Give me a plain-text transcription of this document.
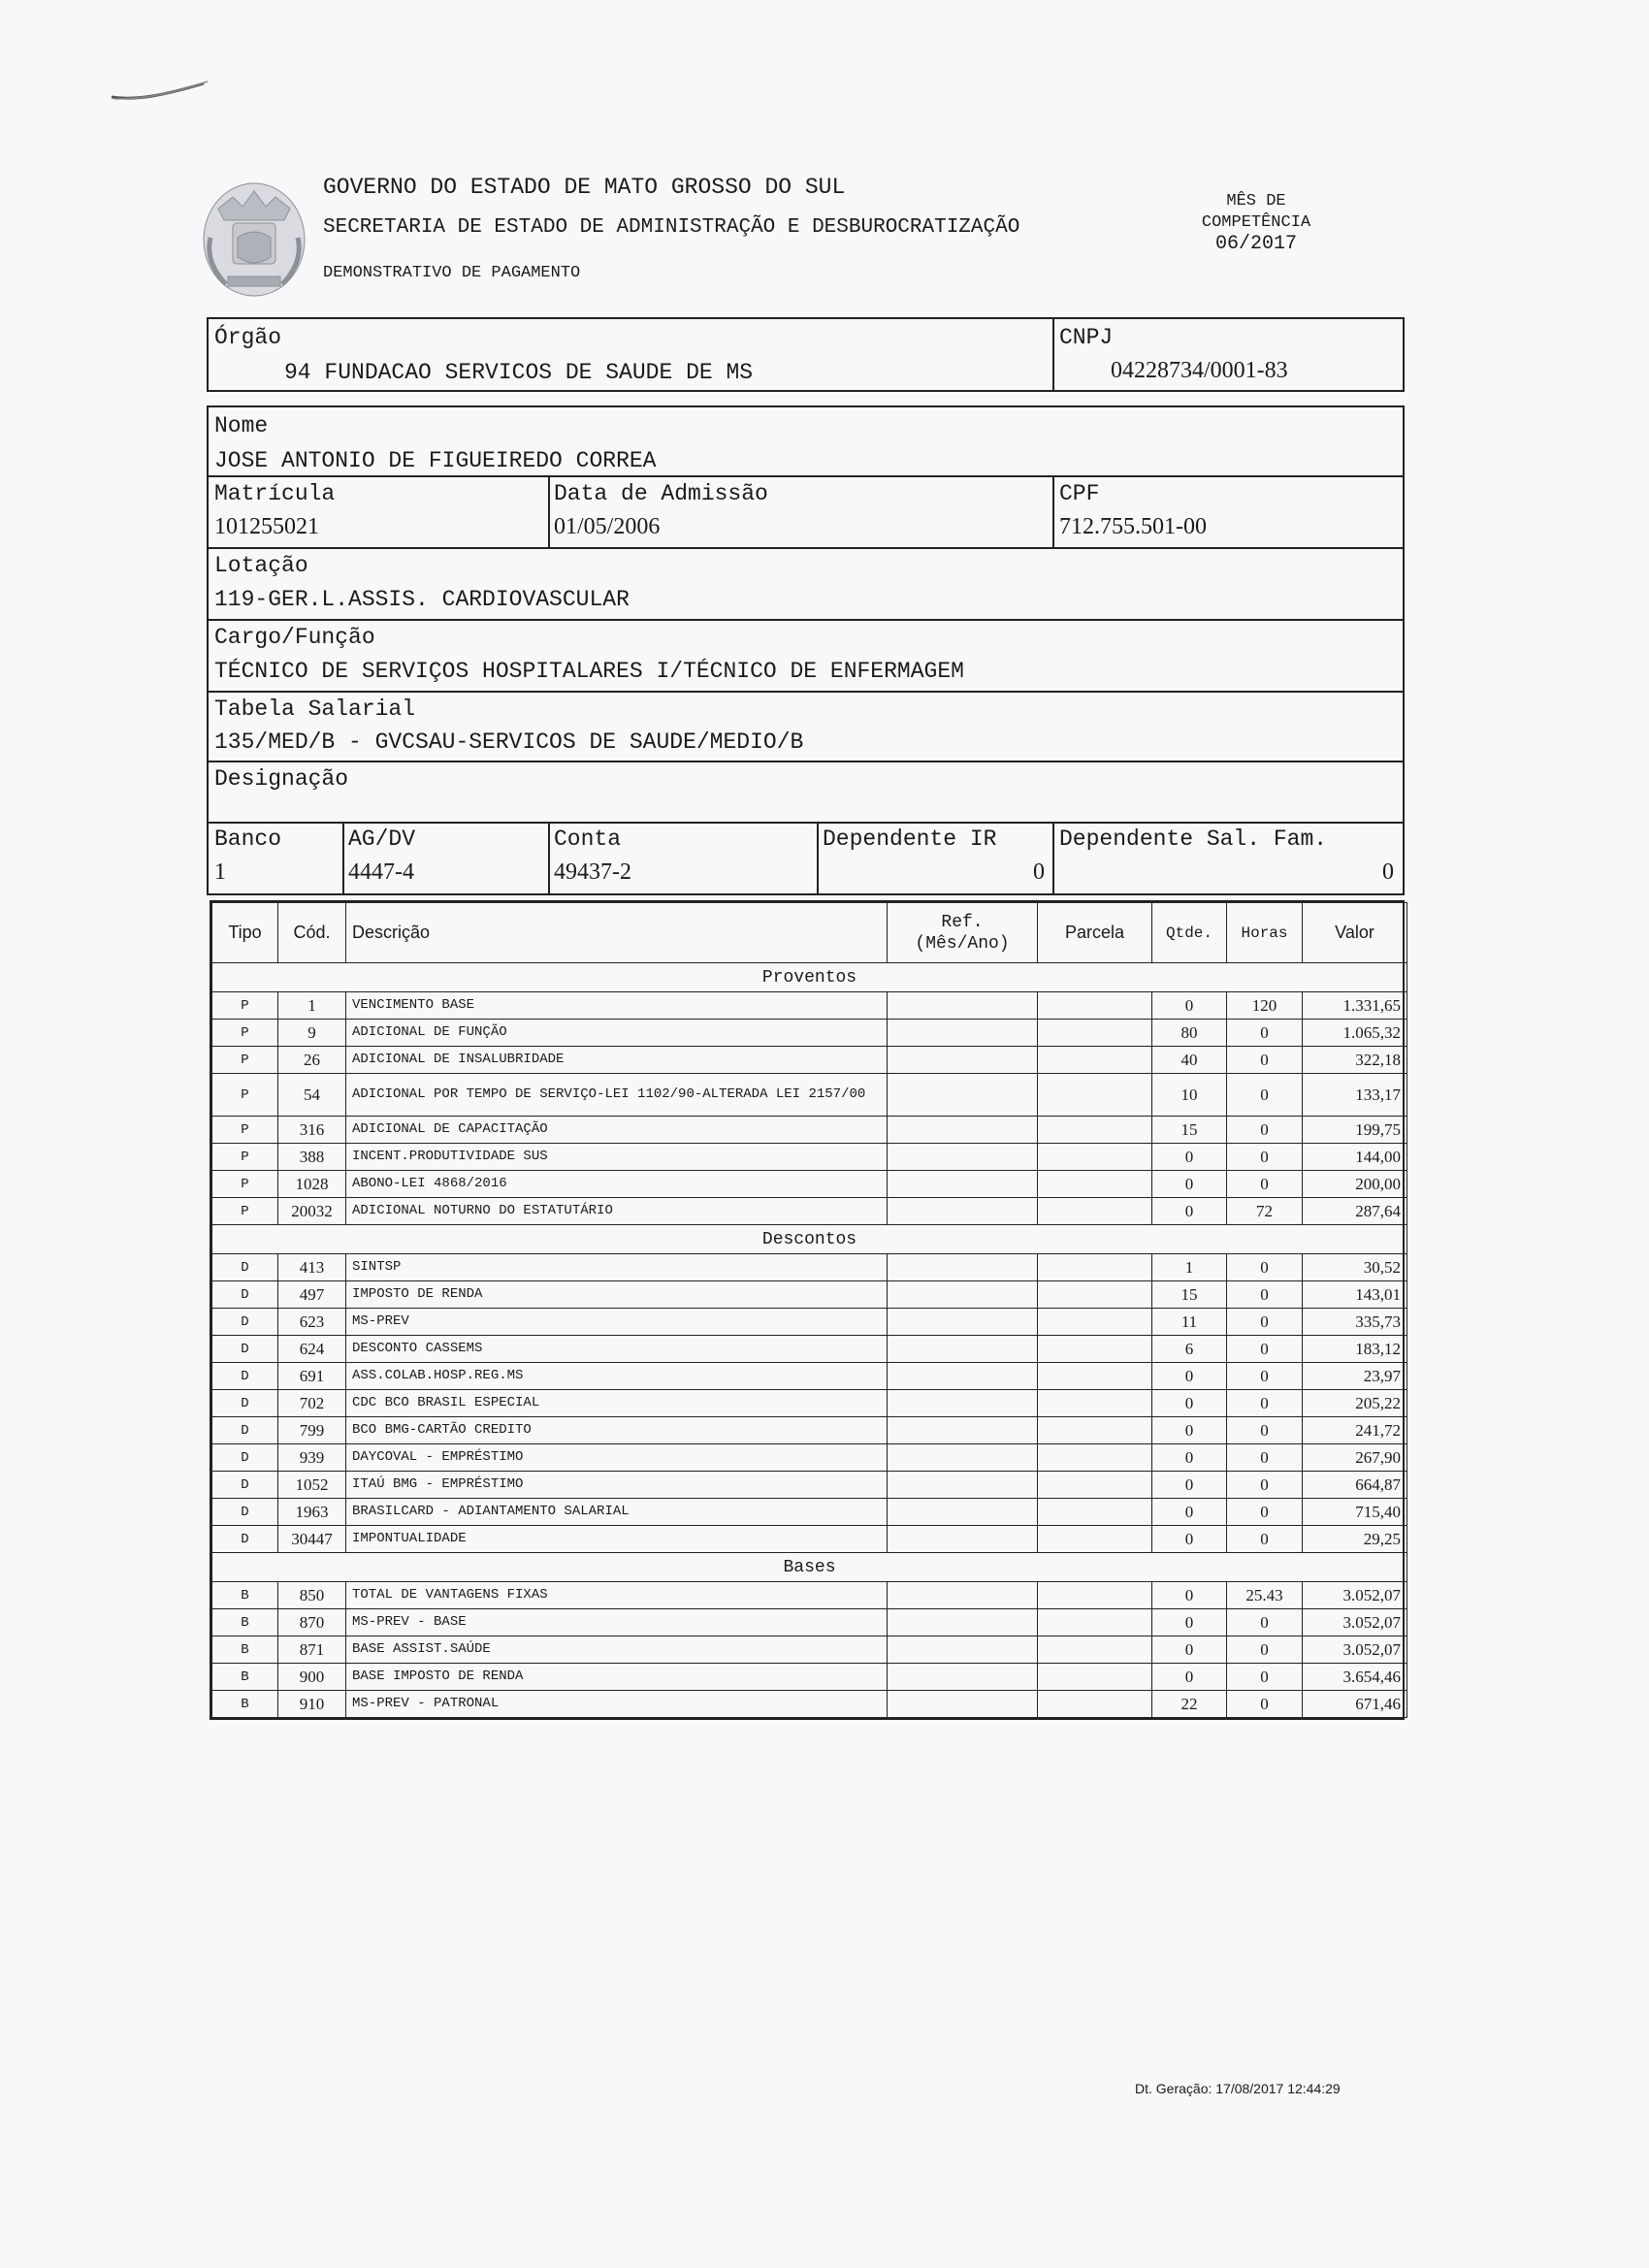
GOVERNO DO ESTADO DE MATO GROSSO DO SUL
SECRETARIA DE ESTADO DE ADMINISTRAÇÃO E DESBUROCRATIZAÇÃO
DEMONSTRATIVO DE PAGAMENTO
MÊS DE
COMPETÊNCIA
06/2017
Órgão
94 FUNDACAO SERVICOS DE SAUDE DE MS
CNPJ
04228734/0001-83
Nome
JOSE ANTONIO DE FIGUEIREDO CORREA
Matrícula
101255021
Data de Admissão
01/05/2006
CPF
712.755.501-00
Lotação
119-GER.L.ASSIS. CARDIOVASCULAR
Cargo/Função
TÉCNICO DE SERVIÇOS HOSPITALARES I/TÉCNICO DE ENFERMAGEM
Tabela Salarial
135/MED/B - GVCSAU-SERVICOS DE SAUDE/MEDIO/B
Designação
Banco
1
AG/DV
4447-4
Conta
49437-2
Dependente IR
0
Dependente Sal. Fam.
0
Tipo	Cód.	Descrição	Ref.
(Mês/Ano)	Parcela	Qtde.	Horas	Valor
Proventos							
P	1	VENCIMENTO BASE			0	120	1.331,65
P	9	ADICIONAL DE FUNÇÃO			80	0	1.065,32
P	26	ADICIONAL DE INSALUBRIDADE			40	0	322,18
P	54	ADICIONAL POR TEMPO DE SERVIÇO-LEI 1102/90-ALTERADA LEI 2157/00			10	0	133,17
P	316	ADICIONAL DE CAPACITAÇÃO			15	0	199,75
P	388	INCENT.PRODUTIVIDADE SUS			0	0	144,00
P	1028	ABONO-LEI 4868/2016			0	0	200,00
P	20032	ADICIONAL NOTURNO DO ESTATUTÁRIO			0	72	287,64
Descontos							
D	413	SINTSP			1	0	30,52
D	497	IMPOSTO DE RENDA			15	0	143,01
D	623	MS-PREV			11	0	335,73
D	624	DESCONTO CASSEMS			6	0	183,12
D	691	ASS.COLAB.HOSP.REG.MS			0	0	23,97
D	702	CDC BCO BRASIL ESPECIAL			0	0	205,22
D	799	BCO BMG-CARTÃO CREDITO			0	0	241,72
D	939	DAYCOVAL - EMPRÉSTIMO			0	0	267,90
D	1052	ITAÚ BMG - EMPRÉSTIMO			0	0	664,87
D	1963	BRASILCARD - ADIANTAMENTO SALARIAL			0	0	715,40
D	30447	IMPONTUALIDADE			0	0	29,25
Bases							
B	850	TOTAL DE VANTAGENS FIXAS			0	25.43	3.052,07
B	870	MS-PREV - BASE			0	0	3.052,07
B	871	BASE ASSIST.SAÚDE			0	0	3.052,07
B	900	BASE IMPOSTO DE RENDA			0	0	3.654,46
B	910	MS-PREV - PATRONAL			22	0	671,46
Dt. Geração: 17/08/2017 12:44:29
